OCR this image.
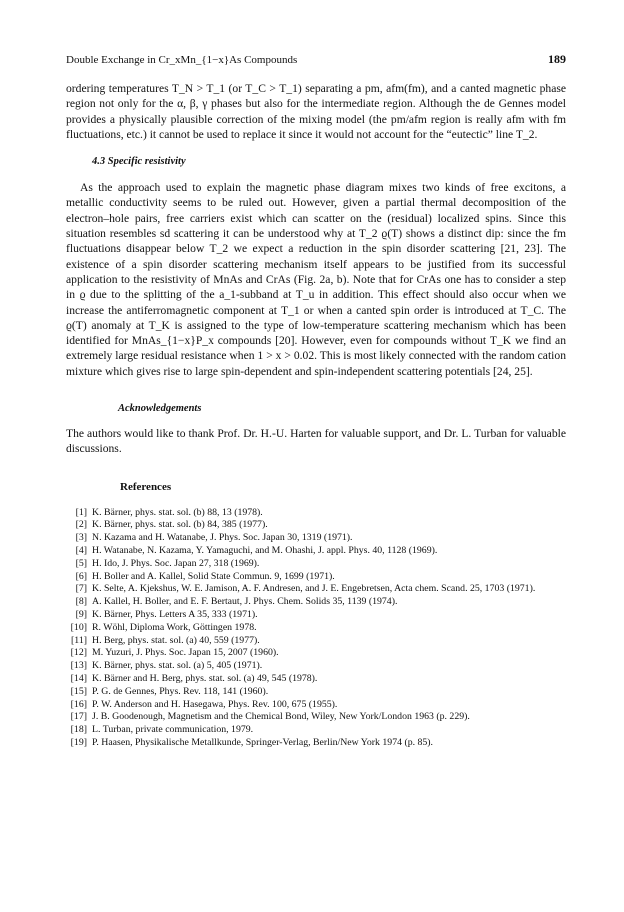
Double Exchange in Cr_xMn_{1−x}As Compounds	189

ordering temperatures T_N > T_1 (or T_C > T_1) separating a pm, afm(fm), and a canted magnetic phase region not only for the α, β, γ phases but also for the intermediate region. Although the de Gennes model provides a physically plausible correction of the mixing model (the pm/afm region is really afm with fm fluctuations, etc.) it cannot be used to replace it since it would not account for the “eutectic” line T_2.

4.3 Specific resistivity

As the approach used to explain the magnetic phase diagram mixes two kinds of free excitons, a metallic conductivity seems to be ruled out. However, given a partial thermal decomposition of the electron–hole pairs, free carriers exist which can scatter on the (residual) localized spins. Since this situation resembles sd scattering it can be understood why at T_2 ϱ(T) shows a distinct dip: since the fm fluctuations disappear below T_2 we expect a reduction in the spin disorder scattering [21, 23]. The existence of a spin disorder scattering mechanism itself appears to be justified from its successful application to the resistivity of MnAs and CrAs (Fig. 2a, b). Note that for CrAs one has to consider a step in ϱ due to the splitting of the a_1-subband at T_u in addition. This effect should also occur when we increase the antiferromagnetic component at T_1 or when a canted spin order is introduced at T_C. The ϱ(T) anomaly at T_K is assigned to the type of low-temperature scattering mechanism which has been identified for MnAs_{1−x}P_x compounds [20]. However, even for compounds without T_K we find an extremely large residual resistance when 1 > x > 0.02. This is most likely connected with the random cation mixture which gives rise to large spin-dependent and spin-independent scattering potentials [24, 25].

Acknowledgements

The authors would like to thank Prof. Dr. H.-U. Harten for valuable support, and Dr. L. Turban for valuable discussions.

References
[1] K. Bärner, phys. stat. sol. (b) 88, 13 (1978).
[2] K. Bärner, phys. stat. sol. (b) 84, 385 (1977).
[3] N. Kazama and H. Watanabe, J. Phys. Soc. Japan 30, 1319 (1971).
[4] H. Watanabe, N. Kazama, Y. Yamaguchi, and M. Ohashi, J. appl. Phys. 40, 1128 (1969).
[5] H. Ido, J. Phys. Soc. Japan 27, 318 (1969).
[6] H. Boller and A. Kallel, Solid State Commun. 9, 1699 (1971).
[7] K. Selte, A. Kjekshus, W. E. Jamison, A. F. Andresen, and J. E. Engebretsen, Acta chem. Scand. 25, 1703 (1971).
[8] A. Kallel, H. Boller, and E. F. Bertaut, J. Phys. Chem. Solids 35, 1139 (1974).
[9] K. Bärner, Phys. Letters A 35, 333 (1971).
[10] R. Wöhl, Diploma Work, Göttingen 1978.
[11] H. Berg, phys. stat. sol. (a) 40, 559 (1977).
[12] M. Yuzuri, J. Phys. Soc. Japan 15, 2007 (1960).
[13] K. Bärner, phys. stat. sol. (a) 5, 405 (1971).
[14] K. Bärner and H. Berg, phys. stat. sol. (a) 49, 545 (1978).
[15] P. G. de Gennes, Phys. Rev. 118, 141 (1960).
[16] P. W. Anderson and H. Hasegawa, Phys. Rev. 100, 675 (1955).
[17] J. B. Goodenough, Magnetism and the Chemical Bond, Wiley, New York/London 1963 (p. 229).
[18] L. Turban, private communication, 1979.
[19] P. Haasen, Physikalische Metallkunde, Springer-Verlag, Berlin/New York 1974 (p. 85).
